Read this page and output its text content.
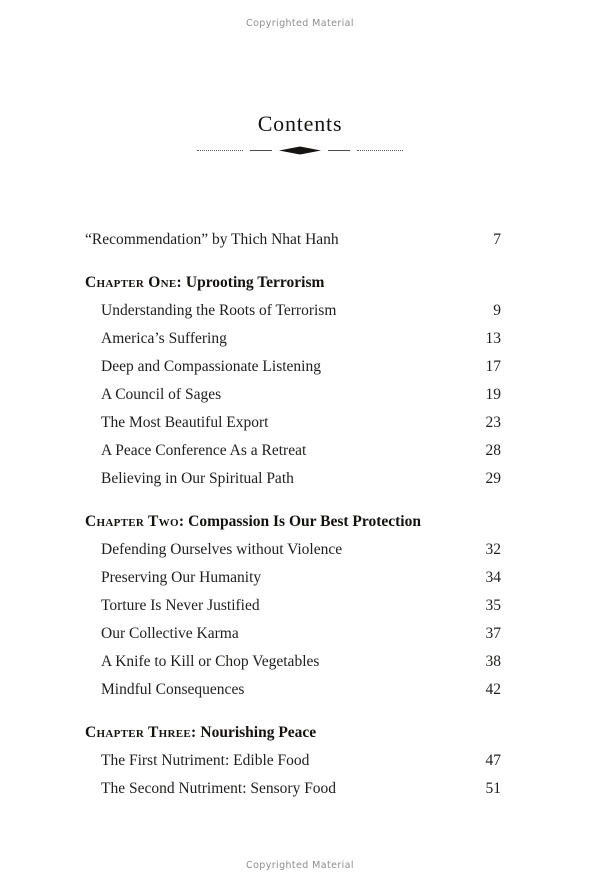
Copyrighted Material
Contents
“Recommendation” by Thich Nhat Hanh	7
Chapter One: Uprooting Terrorism
Understanding the Roots of Terrorism	9
America’s Suffering	13
Deep and Compassionate Listening	17
A Council of Sages	19
The Most Beautiful Export	23
A Peace Conference As a Retreat	28
Believing in Our Spiritual Path	29
Chapter Two: Compassion Is Our Best Protection
Defending Ourselves without Violence	32
Preserving Our Humanity	34
Torture Is Never Justified	35
Our Collective Karma	37
A Knife to Kill or Chop Vegetables	38
Mindful Consequences	42
Chapter Three: Nourishing Peace
The First Nutriment: Edible Food	47
The Second Nutriment: Sensory Food	51
Copyrighted Material
